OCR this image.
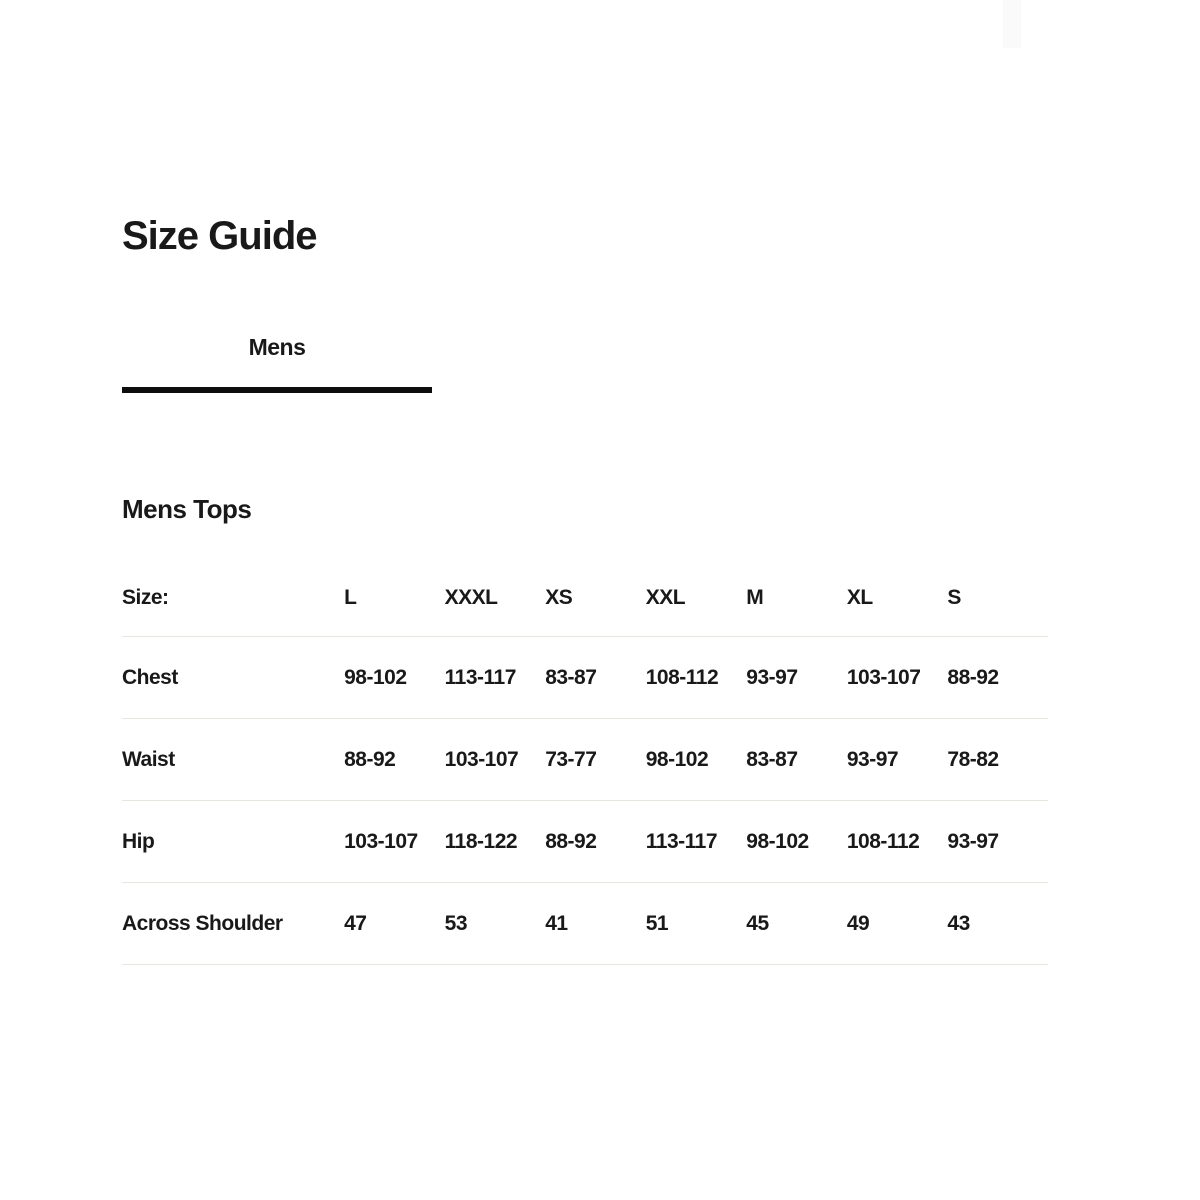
Size Guide
Mens
Mens Tops
Size:	L	XXXL	XS	XXL	M	XL	S
Chest	98-102	113-117	83-87	108-112	93-97	103-107	88-92
Waist	88-92	103-107	73-77	98-102	83-87	93-97	78-82
Hip	103-107	118-122	88-92	113-117	98-102	108-112	93-97
Across Shoulder	47	53	41	51	45	49	43
